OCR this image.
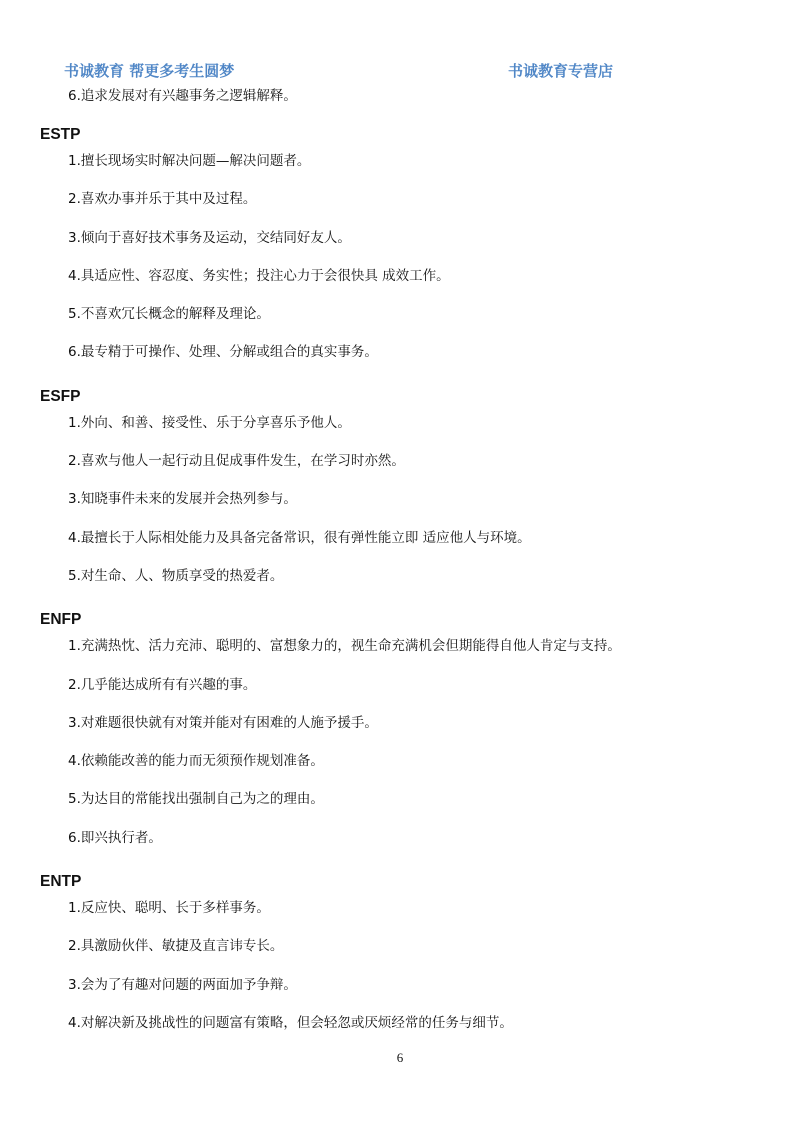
书诚教育 帮更多考生圆梦	书诚教育专营店
6.追求发展对有兴趣事务之逻辑解释。
ESTP
1.擅长现场实时解决问题—解决问题者。
2.喜欢办事并乐于其中及过程。
3.倾向于喜好技术事务及运动，交结同好友人。
4.具适应性、容忍度、务实性；投注心力于会很快具 成效工作。
5.不喜欢冗长概念的解释及理论。
6.最专精于可操作、处理、分解或组合的真实事务。
ESFP
1.外向、和善、接受性、乐于分享喜乐予他人。
2.喜欢与他人一起行动且促成事件发生，在学习时亦然。
3.知晓事件未来的发展并会热列参与。
4.最擅长于人际相处能力及具备完备常识，很有弹性能立即 适应他人与环境。
5.对生命、人、物质享受的热爱者。
ENFP
1.充满热忱、活力充沛、聪明的、富想象力的，视生命充满机会但期能得自他人肯定与支持。
2.几乎能达成所有有兴趣的事。
3.对难题很快就有对策并能对有困难的人施予援手。
4.依赖能改善的能力而无须预作规划准备。
5.为达目的常能找出强制自己为之的理由。
6.即兴执行者。
ENTP
1.反应快、聪明、长于多样事务。
2.具激励伙伴、敏捷及直言讳专长。
3.会为了有趣对问题的两面加予争辩。
4.对解决新及挑战性的问题富有策略，但会轻忽或厌烦经常的任务与细节。
6
